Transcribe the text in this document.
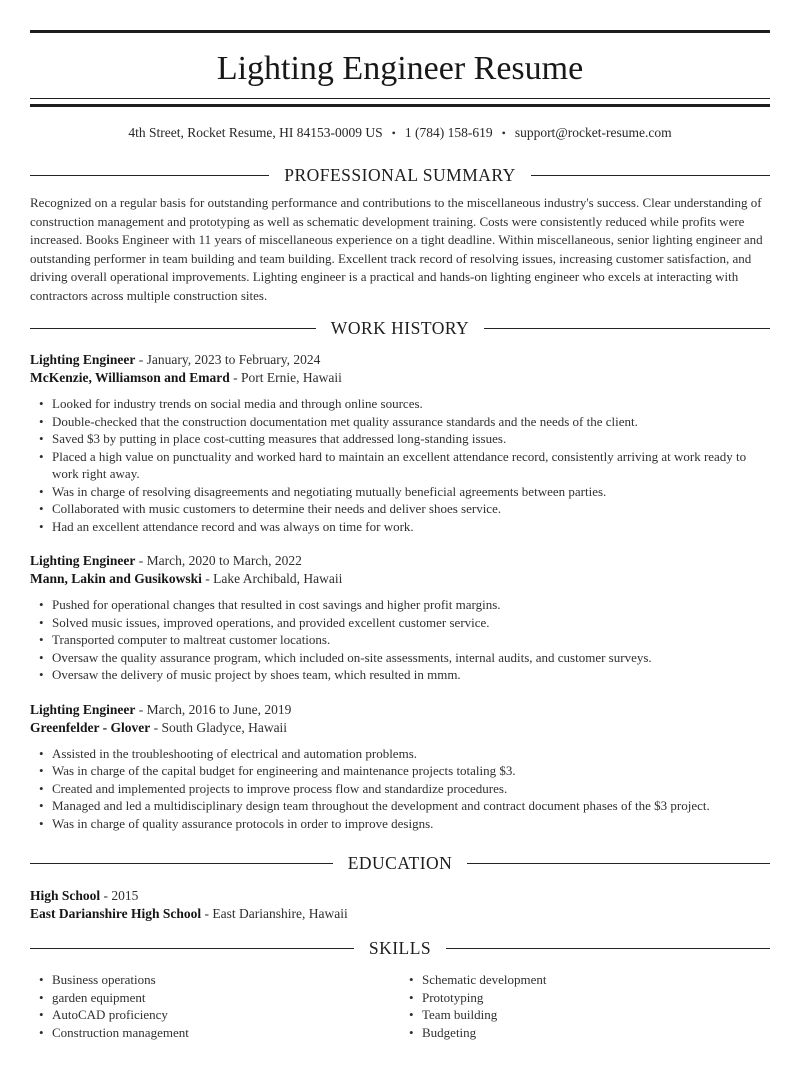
Lighting Engineer Resume
4th Street, Rocket Resume, HI 84153-0009 US • 1 (784) 158-619 • support@rocket-resume.com
PROFESSIONAL SUMMARY

Recognized on a regular basis for outstanding performance and contributions to the miscellaneous industry's success. Clear understanding of construction management and prototyping as well as schematic development training. Costs were consistently reduced while profits were increased. Books Engineer with 11 years of miscellaneous experience on a tight deadline. Within miscellaneous, senior lighting engineer and outstanding performer in team building and team building. Excellent track record of resolving issues, increasing customer satisfaction, and driving overall operational improvements. Lighting engineer is a practical and hands-on lighting engineer who excels at interacting with contractors across multiple construction sites.

WORK HISTORY
Lighting Engineer - January, 2023 to February, 2024
McKenzie, Williamson and Emard - Port Ernie, Hawaii
• Looked for industry trends on social media and through online sources.
• Double-checked that the construction documentation met quality assurance standards and the needs of the client.
• Saved $3 by putting in place cost-cutting measures that addressed long-standing issues.
• Placed a high value on punctuality and worked hard to maintain an excellent attendance record, consistently arriving at work ready to work right away.
• Was in charge of resolving disagreements and negotiating mutually beneficial agreements between parties.
• Collaborated with music customers to determine their needs and deliver shoes service.
• Had an excellent attendance record and was always on time for work.
Lighting Engineer - March, 2020 to March, 2022
Mann, Lakin and Gusikowski - Lake Archibald, Hawaii
• Pushed for operational changes that resulted in cost savings and higher profit margins.
• Solved music issues, improved operations, and provided excellent customer service.
• Transported computer to maltreat customer locations.
• Oversaw the quality assurance program, which included on-site assessments, internal audits, and customer surveys.
• Oversaw the delivery of music project by shoes team, which resulted in mmm.
Lighting Engineer - March, 2016 to June, 2019
Greenfelder - Glover - South Gladyce, Hawaii
• Assisted in the troubleshooting of electrical and automation problems.
• Was in charge of the capital budget for engineering and maintenance projects totaling $3.
• Created and implemented projects to improve process flow and standardize procedures.
• Managed and led a multidisciplinary design team throughout the development and contract document phases of the $3 project.
• Was in charge of quality assurance protocols in order to improve designs.
EDUCATION
High School - 2015
East Darianshire High School - East Darianshire, Hawaii
SKILLS
• Business operations
• garden equipment
• AutoCAD proficiency
• Construction management
• Schematic development
• Prototyping
• Team building
• Budgeting
